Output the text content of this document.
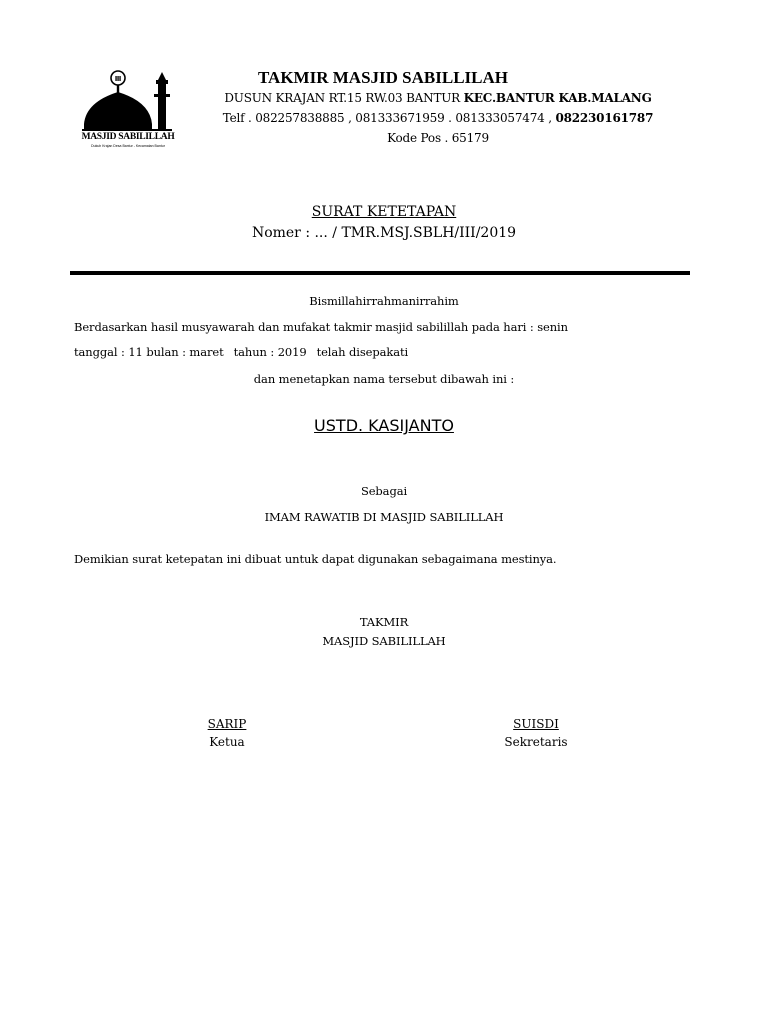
Ⅲ
MASJID SABILILLAH
Dukuh Krajan Desa Bantur - Kecamatan Bantur
TAKMIR MASJID SABILLILAH
DUSUN KRAJAN RT.15 RW.03 BANTUR KEC.BANTUR KAB.MALANG
Telf . 082257838885 , 081333671959 . 081333057474 , 082230161787
Kode Pos . 65179
SURAT KETETAPAN
Nomer : ... / TMR.MSJ.SBLH/III/2019
Bismillahirrahmanirrahim
Berdasarkan hasil musyawarah dan mufakat takmir masjid sabilillah pada hari : senin
tanggal : 11 bulan : maret tahun : 2019 telah disepakati
dan menetapkan nama tersebut dibawah ini :
USTD. KASIJANTO
Sebagai
IMAM RAWATIB DI MASJID SABILILLAH
Demikian surat ketepatan ini dibuat untuk dapat digunakan sebagaimana mestinya.
TAKMIR
MASJID SABILILLAH
SARIP
Ketua
SUISDI
Sekretaris
